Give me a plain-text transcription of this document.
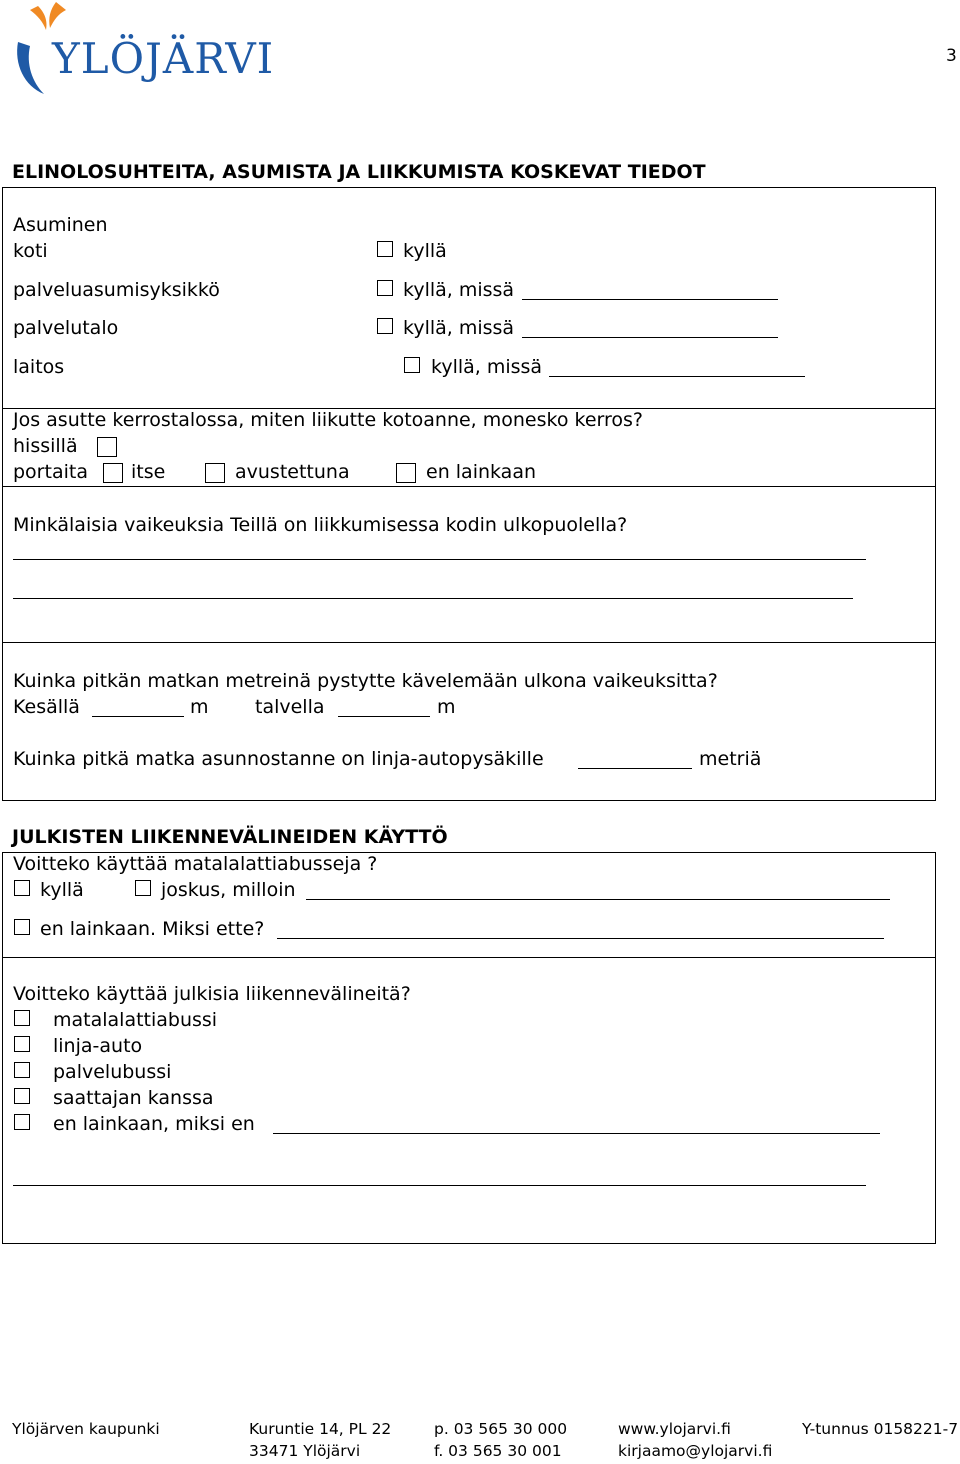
YLÖJÄRVI	3
ELINOLOSUHTEITA, ASUMISTA JA LIIKKUMISTA KOSKEVAT TIEDOT
Asuminen
koti	kyllä
palveluasumisyksikkö	kyllä, missä
palvelutalo	kyllä, missä
laitos	kyllä, missä
Jos asutte kerrostalossa, miten liikutte kotoanne, monesko kerros?
hissillä
portaita itse	avustettuna	en lainkaan
Minkälaisia vaikeuksia Teillä on liikkumisessa kodin ulkopuolella?
Kuinka pitkän matkan metreinä pystytte kävelemään ulkona vaikeuksitta?
Kesällä	m talvella	m
Kuinka pitkä matka asunnostanne on linja-autopysäkille	metriä
JULKISTEN LIIKENNEVÄLINEIDEN KÄYTTÖ
Voitteko käyttää matalalattiabusseja ?
kyllä	joskus, milloin
en lainkaan. Miksi ette?
Voitteko käyttää julkisia liikennevälineitä?
matalalattiabussi
linja-auto
palvelubussi
saattajan kanssa
en lainkaan, miksi en
Ylöjärven kaupunki	Kuruntie 14, PL 22
33471 Ylöjärvi
p. 03 565 30 000
f. 03 565 30 001
www.ylojarvi.fi
kirjaamo@ylojarvi.fi
Y-tunnus 0158221-7
